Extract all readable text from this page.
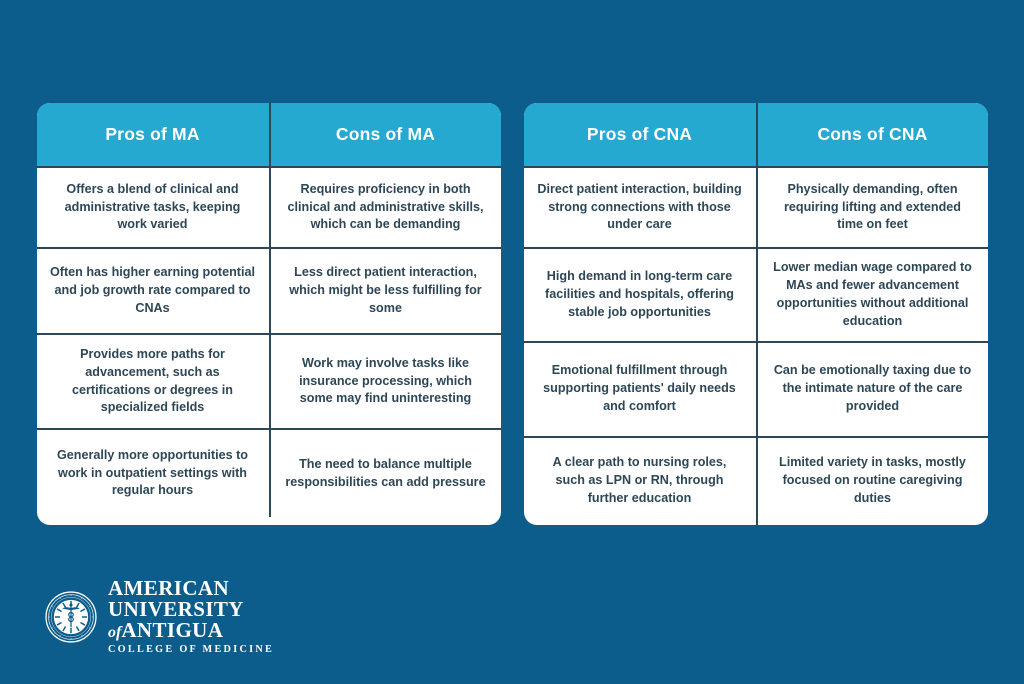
Pros of MA	Cons of MA
Offers a blend of clinical and administrative tasks, keeping work varied
Requires proficiency in both clinical and administrative skills, which can be demanding
Often has higher earning potential and job growth rate compared to CNAs
Less direct patient interaction, which might be less fulfilling for some
Provides more paths for advancement, such as certifications or degrees in specialized fields
Work may involve tasks like insurance processing, which some may find uninteresting
Generally more opportunities to work in outpatient settings with regular hours
The need to balance multiple responsibilities can add pressure
Pros of CNA	Cons of CNA
Direct patient interaction, building strong connections with those under care
Physically demanding, often requiring lifting and extended time on feet
High demand in long-term care facilities and hospitals, offering stable job opportunities
Lower median wage compared to MAs and fewer advancement opportunities without additional education
Emotional fulfillment through supporting patients' daily needs and comfort
Can be emotionally taxing due to the intimate nature of the care provided
A clear path to nursing roles, such as LPN or RN, through further education
Limited variety in tasks, mostly focused on routine caregiving duties
AMERICAN
UNIVERSITY
ofANTIGUA
COLLEGE OF MEDICINE
